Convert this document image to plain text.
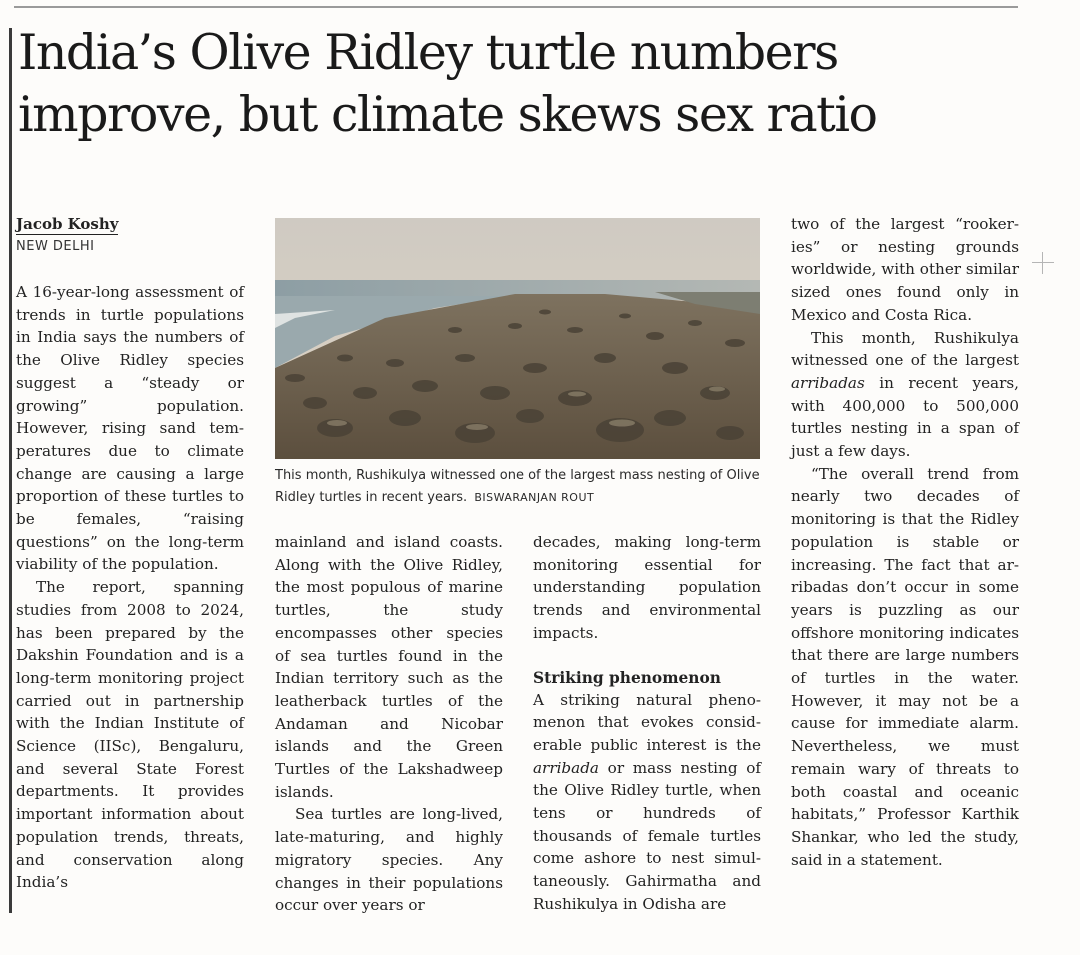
India’s Olive Ridley turtle numbers
improve, but climate skews sex ratio
Jacob Koshy
NEW DELHI

A 16-year-long assessment of trends in turtle populations in India says the numbers of the Olive Ridley species suggest a “steady or growing” population. However, rising sand temperatures due to climate change are causing a large proportion of these turtles to be females, “raising questions” on the long-term viability of the population.

The report, spanning studies from 2008 to 2024, has been prepared by the Dakshin Foundation and is a long-term monitoring project carried out in partnership with the Indian Institute of Science (IISc), Bengaluru, and several State Forest departments. It provides important information about population trends, threats, and conservation along India’s

This month, Rushikulya witnessed one of the largest mass nesting of Olive Ridley turtles in recent years. BISWARANJAN ROUT

mainland and island coasts. Along with the Olive Ridley, the most populous of marine turtles, the study encompasses other species of sea turtles found in the Indian territory such as the leatherback turtles of the Andaman and Nicobar islands and the Green Turtles of the Lakshadweep islands.

Sea turtles are long-lived, late-maturing, and highly migratory species. Any changes in their populations occur over years or

decades, making long-term monitoring essential for understanding population trends and environmental impacts.

Striking phenomenon

A striking natural phenomenon that evokes considerable public interest is the arribada or mass nesting of the Olive Ridley turtle, when tens or hundreds of thousands of female turtles come ashore to nest simultaneously. Gahirmatha and Rushikulya in Odisha are

two of the largest “rookeries” or nesting grounds worldwide, with other similar sized ones found only in Mexico and Costa Rica.

This month, Rushikulya witnessed one of the largest arribadas in recent years, with 400,000 to 500,000 turtles nesting in a span of just a few days.

“The overall trend from nearly two decades of monitoring is that the Ridley population is stable or increasing. The fact that arribadas don’t occur in some years is puzzling as our offshore monitoring indicates that there are large numbers of turtles in the water. However, it may not be a cause for immediate alarm. Nevertheless, we must remain wary of threats to both coastal and oceanic habitats,” Professor Karthik Shankar, who led the study, said in a statement.
